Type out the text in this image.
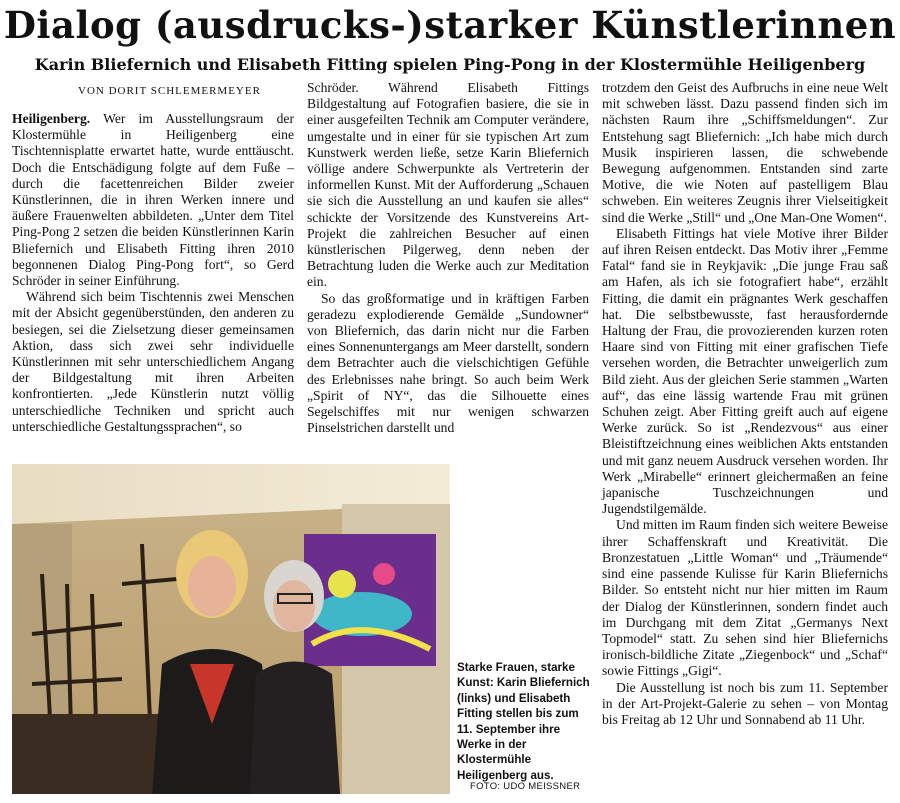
Dialog (ausdrucks-)starker Künstlerinnen
Karin Bliefernich und Elisabeth Fitting spielen Ping-Pong in der Klostermühle Heiligenberg
VON DORIT SCHLEMERMEYER

Heiligenberg. Wer im Ausstellungsraum der Klostermühle in Heiligenberg eine Tischtennisplatte erwartet hatte, wurde enttäuscht. Doch die Entschädigung folgte auf dem Fuße – durch die facettenreichen Bilder zweier Künstlerinnen, die in ihren Werken innere und äußere Frauenwelten abbildeten. „Unter dem Titel Ping-Pong 2 setzen die beiden Künstlerinnen Karin Bliefernich und Elisabeth Fitting ihren 2010 begonnenen Dialog Ping-Pong fort“, so Gerd Schröder in seiner Einführung.

Während sich beim Tischtennis zwei Menschen mit der Absicht gegenüberstünden, den anderen zu besiegen, sei die Zielsetzung dieser gemeinsamen Aktion, dass sich zwei sehr individuelle Künstlerinnen mit sehr unterschiedlichem Angang der Bildgestaltung mit ihren Arbeiten konfrontierten. „Jede Künstlerin nutzt völlig unterschiedliche Techniken und spricht auch unterschiedliche Gestaltungssprachen“, so

Schröder. Während Elisabeth Fittings Bildgestaltung auf Fotografien basiere, die sie in einer ausgefeilten Technik am Computer verändere, umgestalte und in einer für sie typischen Art zum Kunstwerk werden ließe, setze Karin Bliefernich völlige andere Schwerpunkte als Vertreterin der informellen Kunst. Mit der Aufforderung „Schauen sie sich die Ausstellung an und kaufen sie alles“ schickte der Vorsitzende des Kunstvereins Art-Projekt die zahlreichen Besucher auf einen künstlerischen Pilgerweg, denn neben der Betrachtung luden die Werke auch zur Meditation ein.

So das großformatige und in kräftigen Farben geradezu explodierende Gemälde „Sundowner“ von Bliefernich, das darin nicht nur die Farben eines Sonnenuntergangs am Meer darstellt, sondern dem Betrachter auch die vielschichtigen Gefühle des Erlebnisses nahe bringt. So auch beim Werk „Spirit of NY“, das die Silhouette eines Segelschiffes mit nur wenigen schwarzen Pinselstrichen darstellt und

trotzdem den Geist des Aufbruchs in eine neue Welt mit schweben lässt. Dazu passend finden sich im nächsten Raum ihre „Schiffsmeldungen“. Zur Entstehung sagt Bliefernich: „Ich habe mich durch Musik inspirieren lassen, die schwebende Bewegung aufgenommen. Entstanden sind zarte Motive, die wie Noten auf pastelligem Blau schweben. Ein weiteres Zeugnis ihrer Vielseitigkeit sind die Werke „Still“ und „One Man-One Women“.

Elisabeth Fittings hat viele Motive ihrer Bilder auf ihren Reisen entdeckt. Das Motiv ihrer „Femme Fatal“ fand sie in Reykjavik: „Die junge Frau saß am Hafen, als ich sie fotografiert habe“, erzählt Fitting, die damit ein prägnantes Werk geschaffen hat. Die selbstbewusste, fast herausfordernde Haltung der Frau, die provozierenden kurzen roten Haare sind von Fitting mit einer grafischen Tiefe versehen worden, die Betrachter unweigerlich zum Bild zieht. Aus der gleichen Serie stammen „Warten auf“, das eine lässig wartende Frau mit grünen Schuhen zeigt. Aber Fitting greift auch auf eigene Werke zurück. So ist „Rendezvous“ aus einer Bleistiftzeichnung eines weiblichen Akts entstanden und mit ganz neuem Ausdruck versehen worden. Ihr Werk „Mirabelle“ erinnert gleichermaßen an feine japanische Tuschzeichnungen und Jugendstilgemälde.

Und mitten im Raum finden sich weitere Beweise ihrer Schaffenskraft und Kreativität. Die Bronzestatuen „Little Woman“ und „Träumende“ sind eine passende Kulisse für Karin Bliefernichs Bilder. So entsteht nicht nur hier mitten im Raum der Dialog der Künstlerinnen, sondern findet auch im Durchgang mit dem Zitat „Germanys Next Topmodel“ statt. Zu sehen sind hier Bliefernichs ironisch-bildliche Zitate „Ziegenbock“ und „Schaf“ sowie Fittings „Gigi“.

Die Ausstellung ist noch bis zum 11. September in der Art-Projekt-Galerie zu sehen – von Montag bis Freitag ab 12 Uhr und Sonnabend ab 11 Uhr.

Starke Frauen, starke Kunst: Karin Bliefernich (links) und Elisabeth Fitting stellen bis zum 11. September ihre Werke in der Klostermühle Heiligenberg aus.
FOTO: UDO MEISSNER
